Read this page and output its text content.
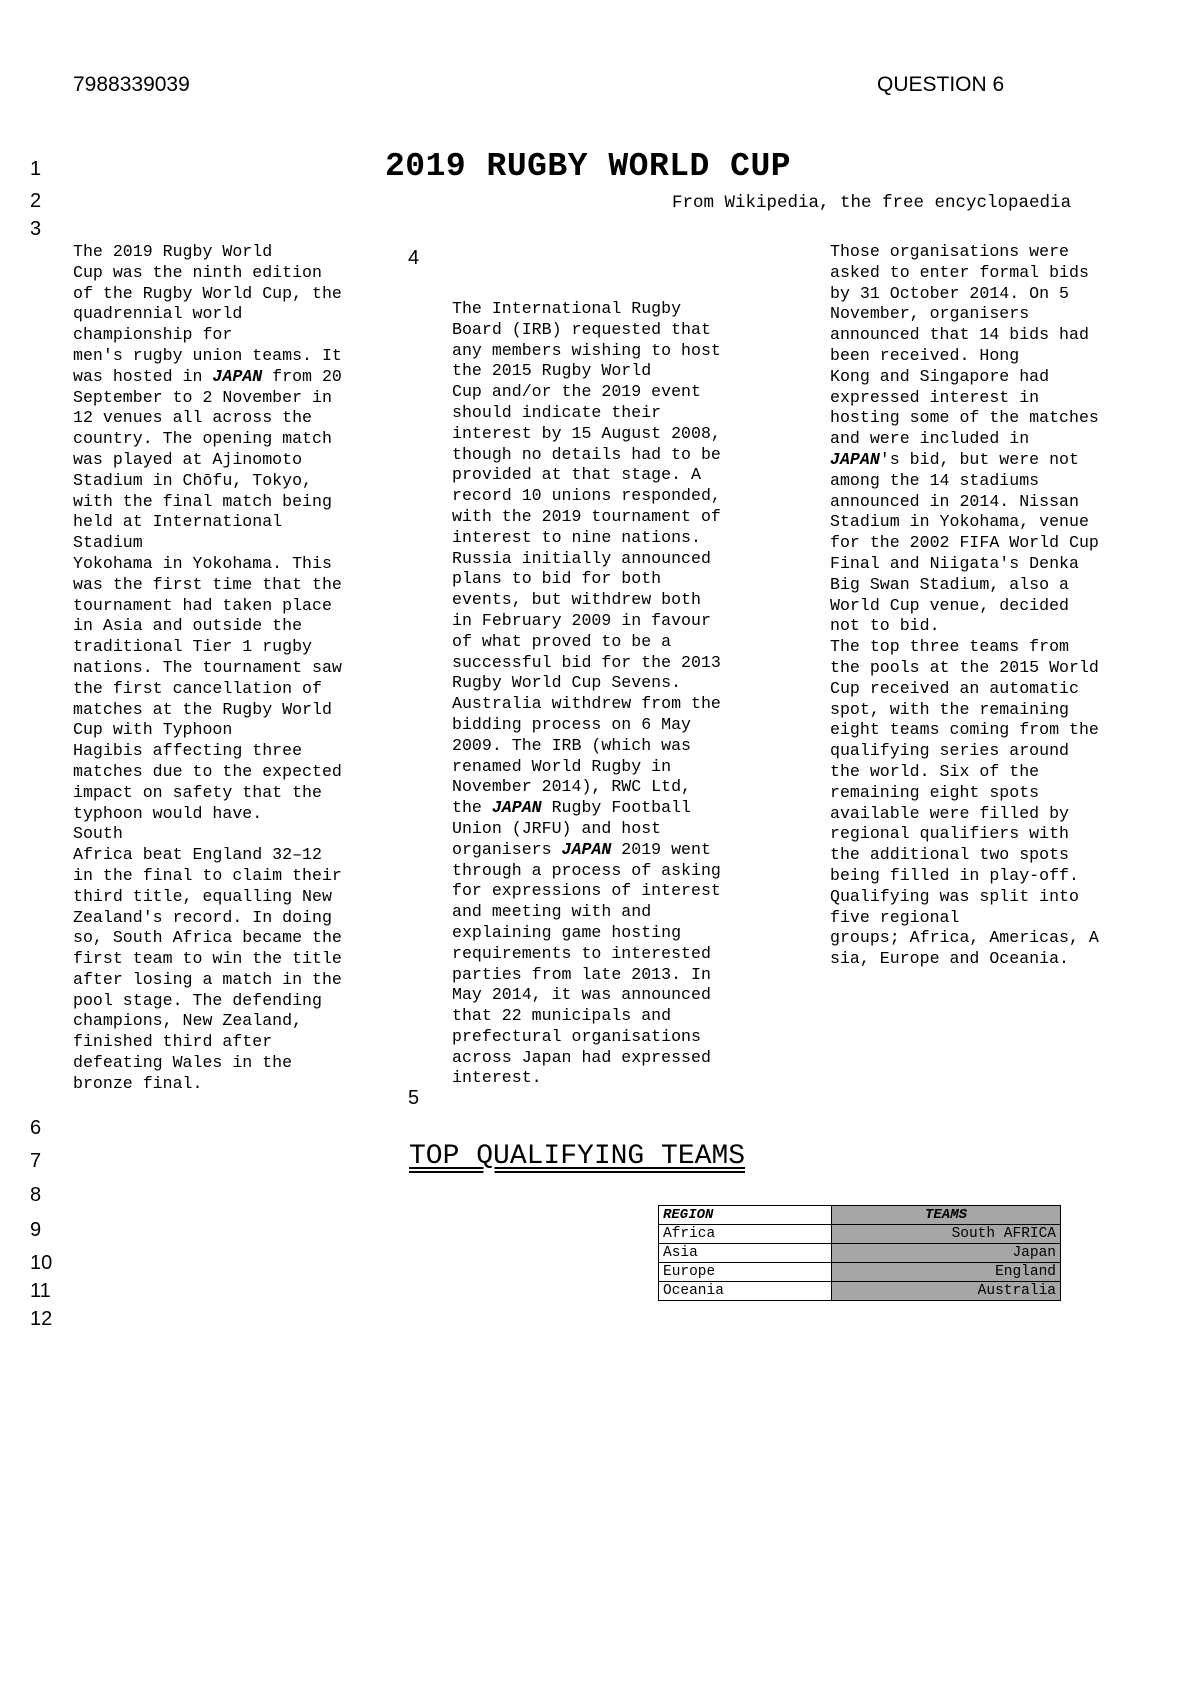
7988339039	QUESTION 6
1
2
3
6
7
8
9
10
11
12
4
5
2019 RUGBY WORLD CUP
From Wikipedia, the free encyclopaedia
The 2019 Rugby World
Cup was the ninth edition
of the Rugby World Cup, the
quadrennial world
championship for
men's rugby union teams. It
was hosted in JAPAN from 20
September to 2 November in
12 venues all across the
country. The opening match
was played at Ajinomoto
Stadium in Chōfu, Tokyo,
with the final match being
held at International
Stadium
Yokohama in Yokohama. This
was the first time that the
tournament had taken place
in Asia and outside the
traditional Tier 1 rugby
nations. The tournament saw
the first cancellation of
matches at the Rugby World
Cup with Typhoon
Hagibis affecting three
matches due to the expected
impact on safety that the
typhoon would have.
South
Africa beat England 32–12
in the final to claim their
third title, equalling New
Zealand's record. In doing
so, South Africa became the
first team to win the title
after losing a match in the
pool stage. The defending
champions, New Zealand,
finished third after
defeating Wales in the
bronze final.
The International Rugby
Board (IRB) requested that
any members wishing to host
the 2015 Rugby World
Cup and/or the 2019 event
should indicate their
interest by 15 August 2008,
though no details had to be
provided at that stage. A
record 10 unions responded,
with the 2019 tournament of
interest to nine nations.
Russia initially announced
plans to bid for both
events, but withdrew both
in February 2009 in favour
of what proved to be a
successful bid for the 2013
Rugby World Cup Sevens.
Australia withdrew from the
bidding process on 6 May
2009. The IRB (which was
renamed World Rugby in
November 2014), RWC Ltd,
the JAPAN Rugby Football
Union (JRFU) and host
organisers JAPAN 2019 went
through a process of asking
for expressions of interest
and meeting with and
explaining game hosting
requirements to interested
parties from late 2013. In
May 2014, it was announced
that 22 municipals and
prefectural organisations
across Japan had expressed
interest.
Those organisations were
asked to enter formal bids
by 31 October 2014. On 5
November, organisers
announced that 14 bids had
been received. Hong
Kong and Singapore had
expressed interest in
hosting some of the matches
and were included in
JAPAN's bid, but were not
among the 14 stadiums
announced in 2014. Nissan
Stadium in Yokohama, venue
for the 2002 FIFA World Cup
Final and Niigata's Denka
Big Swan Stadium, also a
World Cup venue, decided
not to bid.
The top three teams from
the pools at the 2015 World
Cup received an automatic
spot, with the remaining
eight teams coming from the
qualifying series around
the world. Six of the
remaining eight spots
available were filled by
regional qualifiers with
the additional two spots
being filled in play-off.
Qualifying was split into
five regional
groups; Africa, Americas, A
sia, Europe and Oceania.
TOP QUALIFYING TEAMS
REGION	TEAMS
Africa	South AFRICA
Asia	Japan
Europe	England
Oceania	Australia
